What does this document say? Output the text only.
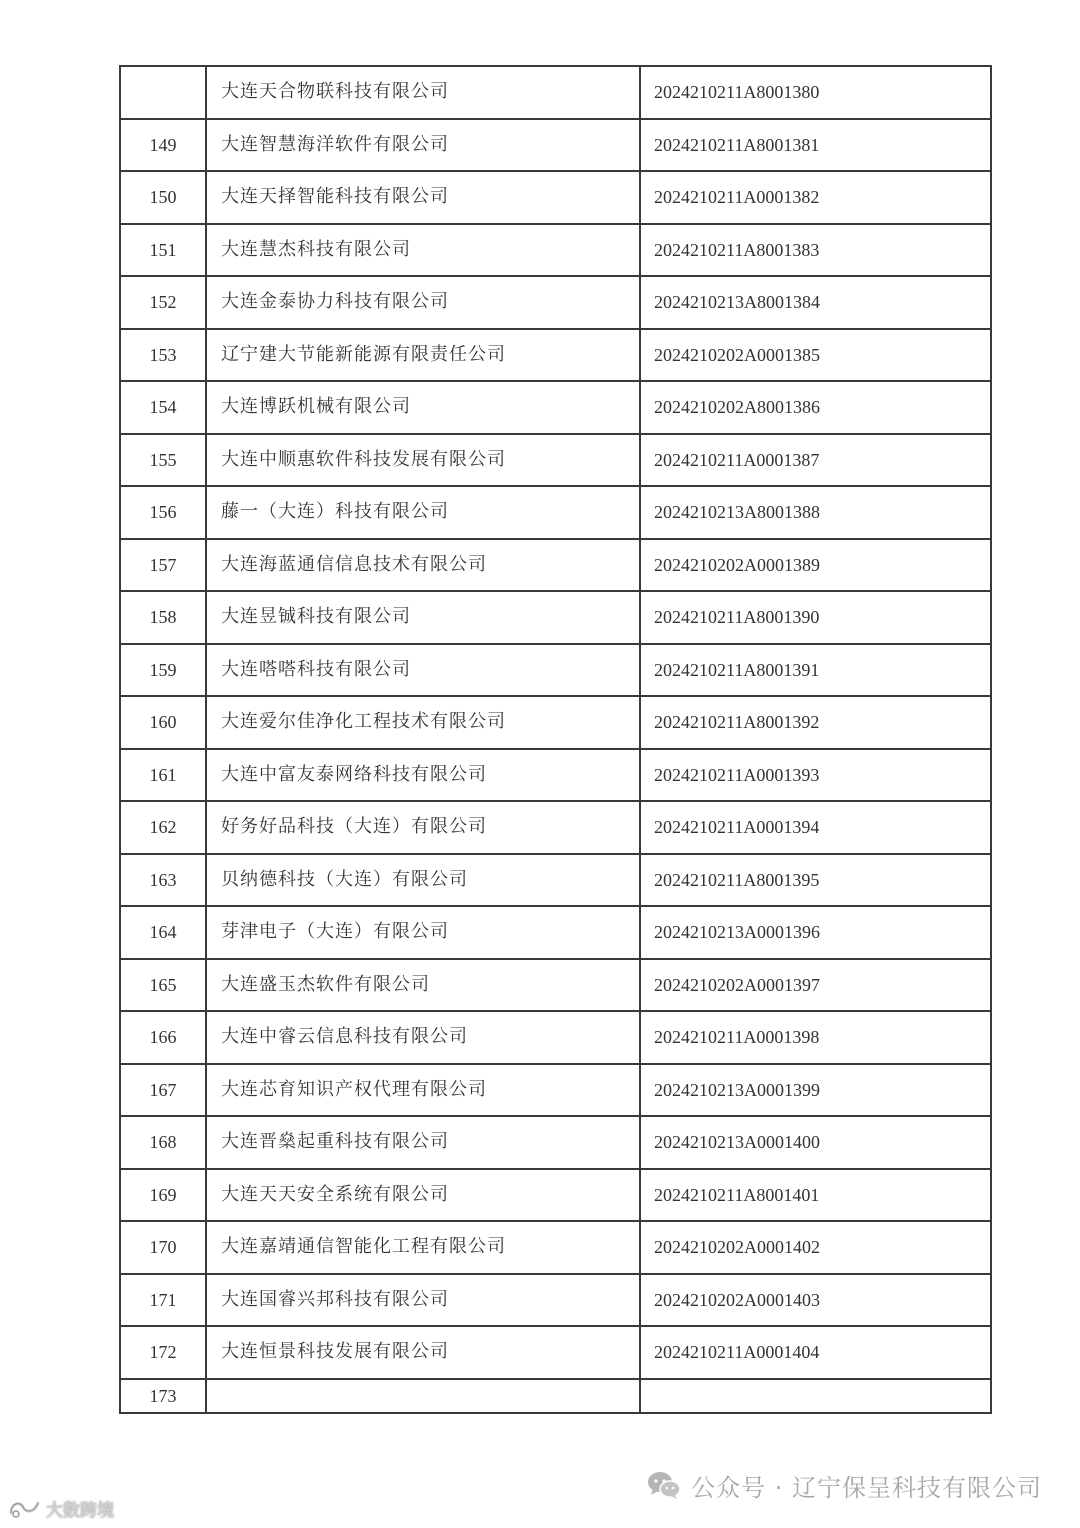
	大连天合物联科技有限公司	2024210211A8001380
149	大连智慧海洋软件有限公司	2024210211A8001381
150	大连天择智能科技有限公司	2024210211A0001382
151	大连慧杰科技有限公司	2024210211A8001383
152	大连金泰协力科技有限公司	2024210213A8001384
153	辽宁建大节能新能源有限责任公司	2024210202A0001385
154	大连博跃机械有限公司	2024210202A8001386
155	大连中顺惠软件科技发展有限公司	2024210211A0001387
156	藤一（大连）科技有限公司	2024210213A8001388
157	大连海蓝通信信息技术有限公司	2024210202A0001389
158	大连昱铖科技有限公司	2024210211A8001390
159	大连嗒嗒科技有限公司	2024210211A8001391
160	大连爱尔佳净化工程技术有限公司	2024210211A8001392
161	大连中富友泰网络科技有限公司	2024210211A0001393
162	好务好品科技（大连）有限公司	2024210211A0001394
163	贝纳德科技（大连）有限公司	2024210211A8001395
164	芽津电子（大连）有限公司	2024210213A0001396
165	大连盛玉杰软件有限公司	2024210202A0001397
166	大连中睿云信息科技有限公司	2024210211A0001398
167	大连芯育知识产权代理有限公司	2024210213A0001399
168	大连晋燊起重科技有限公司	2024210213A0001400
169	大连天天安全系统有限公司	2024210211A8001401
170	大连嘉靖通信智能化工程有限公司	2024210202A0001402
171	大连国睿兴邦科技有限公司	2024210202A0001403
172	大连恒景科技发展有限公司	2024210211A0001404
173		
公众号 · 辽宁保呈科技有限公司
大数跨境
